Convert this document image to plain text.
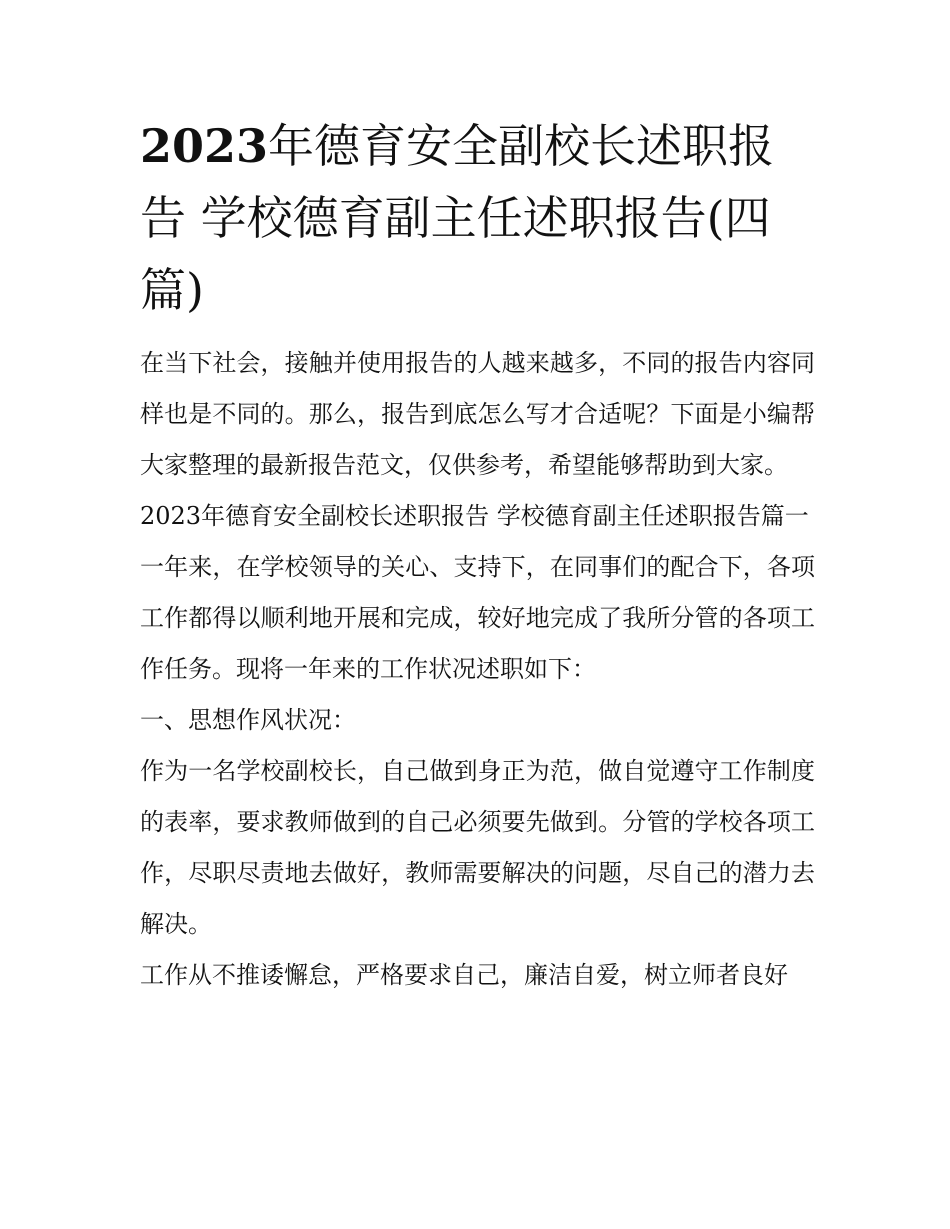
2023年德育安全副校长述职报告 学校德育副主任述职报告(四篇)

在当下社会，接触并使用报告的人越来越多，不同的报告内容同样也是不同的。那么，报告到底怎么写才合适呢？下面是小编帮大家整理的最新报告范文，仅供参考，希望能够帮助到大家。

2023年德育安全副校长述职报告 学校德育副主任述职报告篇一

一年来，在学校领导的关心、支持下，在同事们的配合下，各项工作都得以顺利地开展和完成，较好地完成了我所分管的各项工作任务。现将一年来的工作状况述职如下：

一、思想作风状况：

作为一名学校副校长，自己做到身正为范，做自觉遵守工作制度的表率，要求教师做到的自己必须要先做到。分管的学校各项工作，尽职尽责地去做好，教师需要解决的问题，尽自己的潜力去解决。

工作从不推诿懈怠，严格要求自己，廉洁自爱，树立师者良好
